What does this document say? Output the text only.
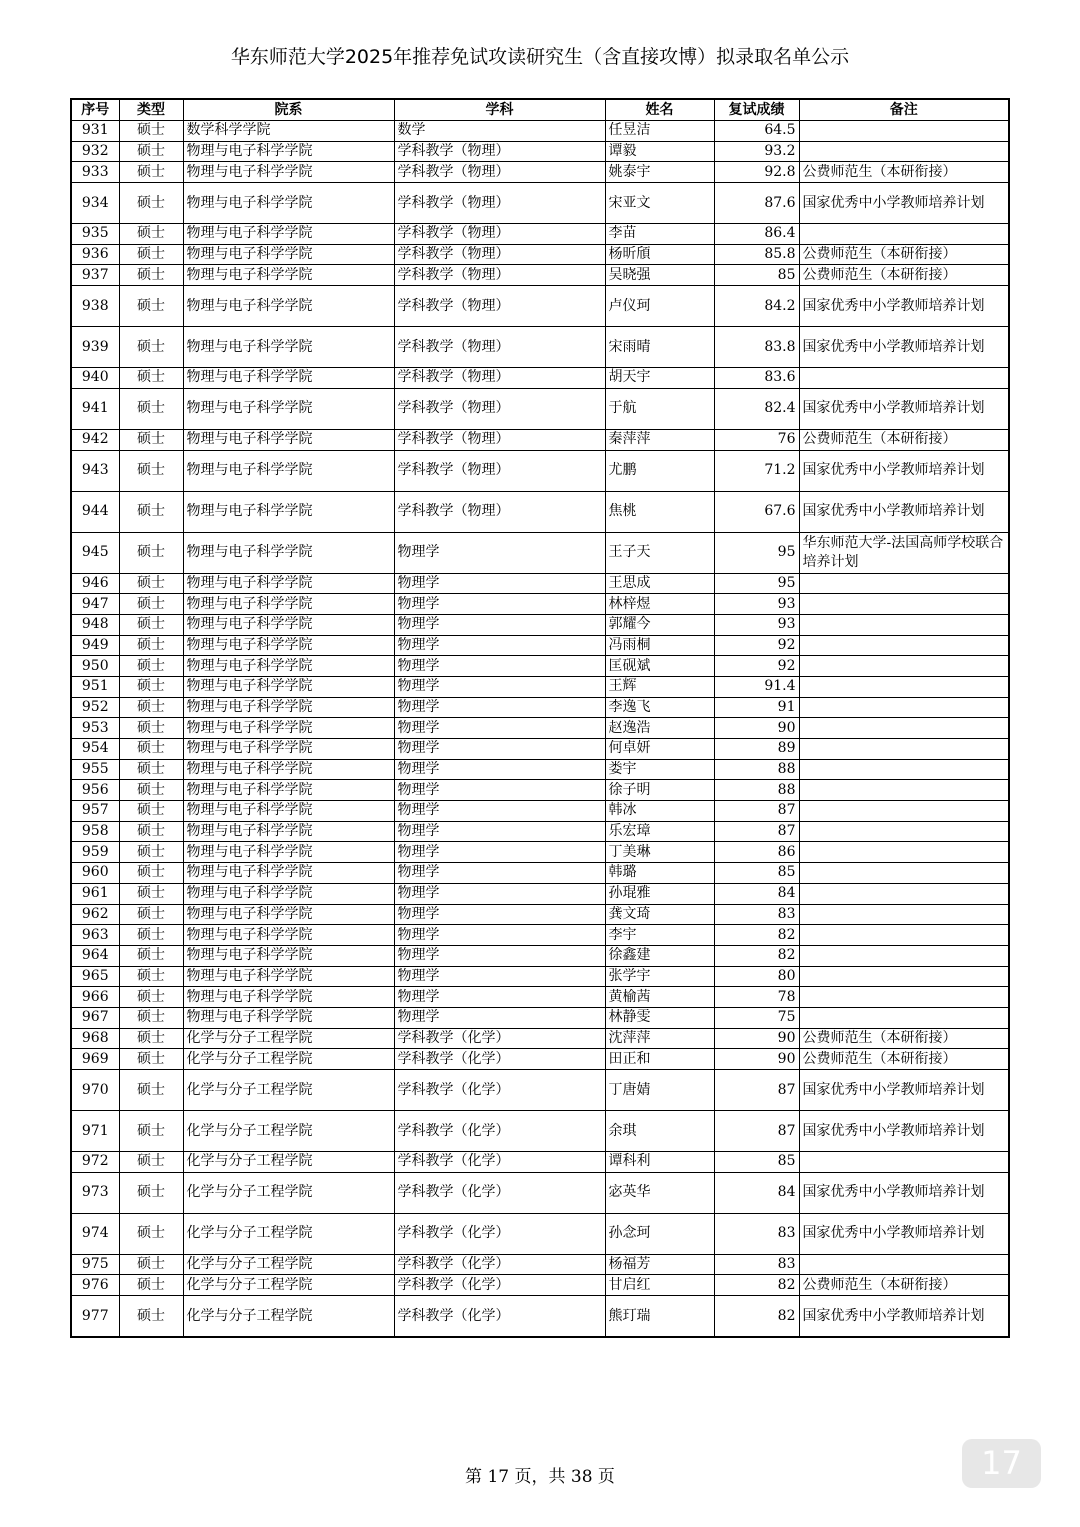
华东师范大学2025年推荐免试攻读研究生（含直接攻博）拟录取名单公示
序号	类型	院系	学科	姓名	复试成绩	备注
931	硕士	数学科学学院	数学	任昱洁	64.5	
932	硕士	物理与电子科学学院	学科教学（物理）	谭毅	93.2	
933	硕士	物理与电子科学学院	学科教学（物理）	姚泰宇	92.8	公费师范生（本研衔接）
934	硕士	物理与电子科学学院	学科教学（物理）	宋亚文	87.6	国家优秀中小学教师培养计划
935	硕士	物理与电子科学学院	学科教学（物理）	李苗	86.4	
936	硕士	物理与电子科学学院	学科教学（物理）	杨昕頎	85.8	公费师范生（本研衔接）
937	硕士	物理与电子科学学院	学科教学（物理）	吴晓强	85	公费师范生（本研衔接）
938	硕士	物理与电子科学学院	学科教学（物理）	卢仪珂	84.2	国家优秀中小学教师培养计划
939	硕士	物理与电子科学学院	学科教学（物理）	宋雨晴	83.8	国家优秀中小学教师培养计划
940	硕士	物理与电子科学学院	学科教学（物理）	胡天宇	83.6	
941	硕士	物理与电子科学学院	学科教学（物理）	于航	82.4	国家优秀中小学教师培养计划
942	硕士	物理与电子科学学院	学科教学（物理）	秦萍萍	76	公费师范生（本研衔接）
943	硕士	物理与电子科学学院	学科教学（物理）	尤鹏	71.2	国家优秀中小学教师培养计划
944	硕士	物理与电子科学学院	学科教学（物理）	焦桃	67.6	国家优秀中小学教师培养计划
945	硕士	物理与电子科学学院	物理学	王子天	95	华东师范大学-法国高师学校联合培养计划
946	硕士	物理与电子科学学院	物理学	王思成	95	
947	硕士	物理与电子科学学院	物理学	林梓煜	93	
948	硕士	物理与电子科学学院	物理学	郭耀今	93	
949	硕士	物理与电子科学学院	物理学	冯雨桐	92	
950	硕士	物理与电子科学学院	物理学	匡砚斌	92	
951	硕士	物理与电子科学学院	物理学	王辉	91.4	
952	硕士	物理与电子科学学院	物理学	李逸飞	91	
953	硕士	物理与电子科学学院	物理学	赵逸浩	90	
954	硕士	物理与电子科学学院	物理学	何卓妍	89	
955	硕士	物理与电子科学学院	物理学	娄宇	88	
956	硕士	物理与电子科学学院	物理学	徐子明	88	
957	硕士	物理与电子科学学院	物理学	韩冰	87	
958	硕士	物理与电子科学学院	物理学	乐宏璋	87	
959	硕士	物理与电子科学学院	物理学	丁美琳	86	
960	硕士	物理与电子科学学院	物理学	韩璐	85	
961	硕士	物理与电子科学学院	物理学	孙琨雅	84	
962	硕士	物理与电子科学学院	物理学	龚文琦	83	
963	硕士	物理与电子科学学院	物理学	李宇	82	
964	硕士	物理与电子科学学院	物理学	徐鑫建	82	
965	硕士	物理与电子科学学院	物理学	张学宇	80	
966	硕士	物理与电子科学学院	物理学	黄榆茜	78	
967	硕士	物理与电子科学学院	物理学	林静雯	75	
968	硕士	化学与分子工程学院	学科教学（化学）	沈萍萍	90	公费师范生（本研衔接）
969	硕士	化学与分子工程学院	学科教学（化学）	田正和	90	公费师范生（本研衔接）
970	硕士	化学与分子工程学院	学科教学（化学）	丁唐婧	87	国家优秀中小学教师培养计划
971	硕士	化学与分子工程学院	学科教学（化学）	余琪	87	国家优秀中小学教师培养计划
972	硕士	化学与分子工程学院	学科教学（化学）	谭科利	85	
973	硕士	化学与分子工程学院	学科教学（化学）	宓英华	84	国家优秀中小学教师培养计划
974	硕士	化学与分子工程学院	学科教学（化学）	孙念珂	83	国家优秀中小学教师培养计划
975	硕士	化学与分子工程学院	学科教学（化学）	杨福芳	83	
976	硕士	化学与分子工程学院	学科教学（化学）	甘启红	82	公费师范生（本研衔接）
977	硕士	化学与分子工程学院	学科教学（化学）	熊玎瑞	82	国家优秀中小学教师培养计划
第 17 页，共 38 页	17
